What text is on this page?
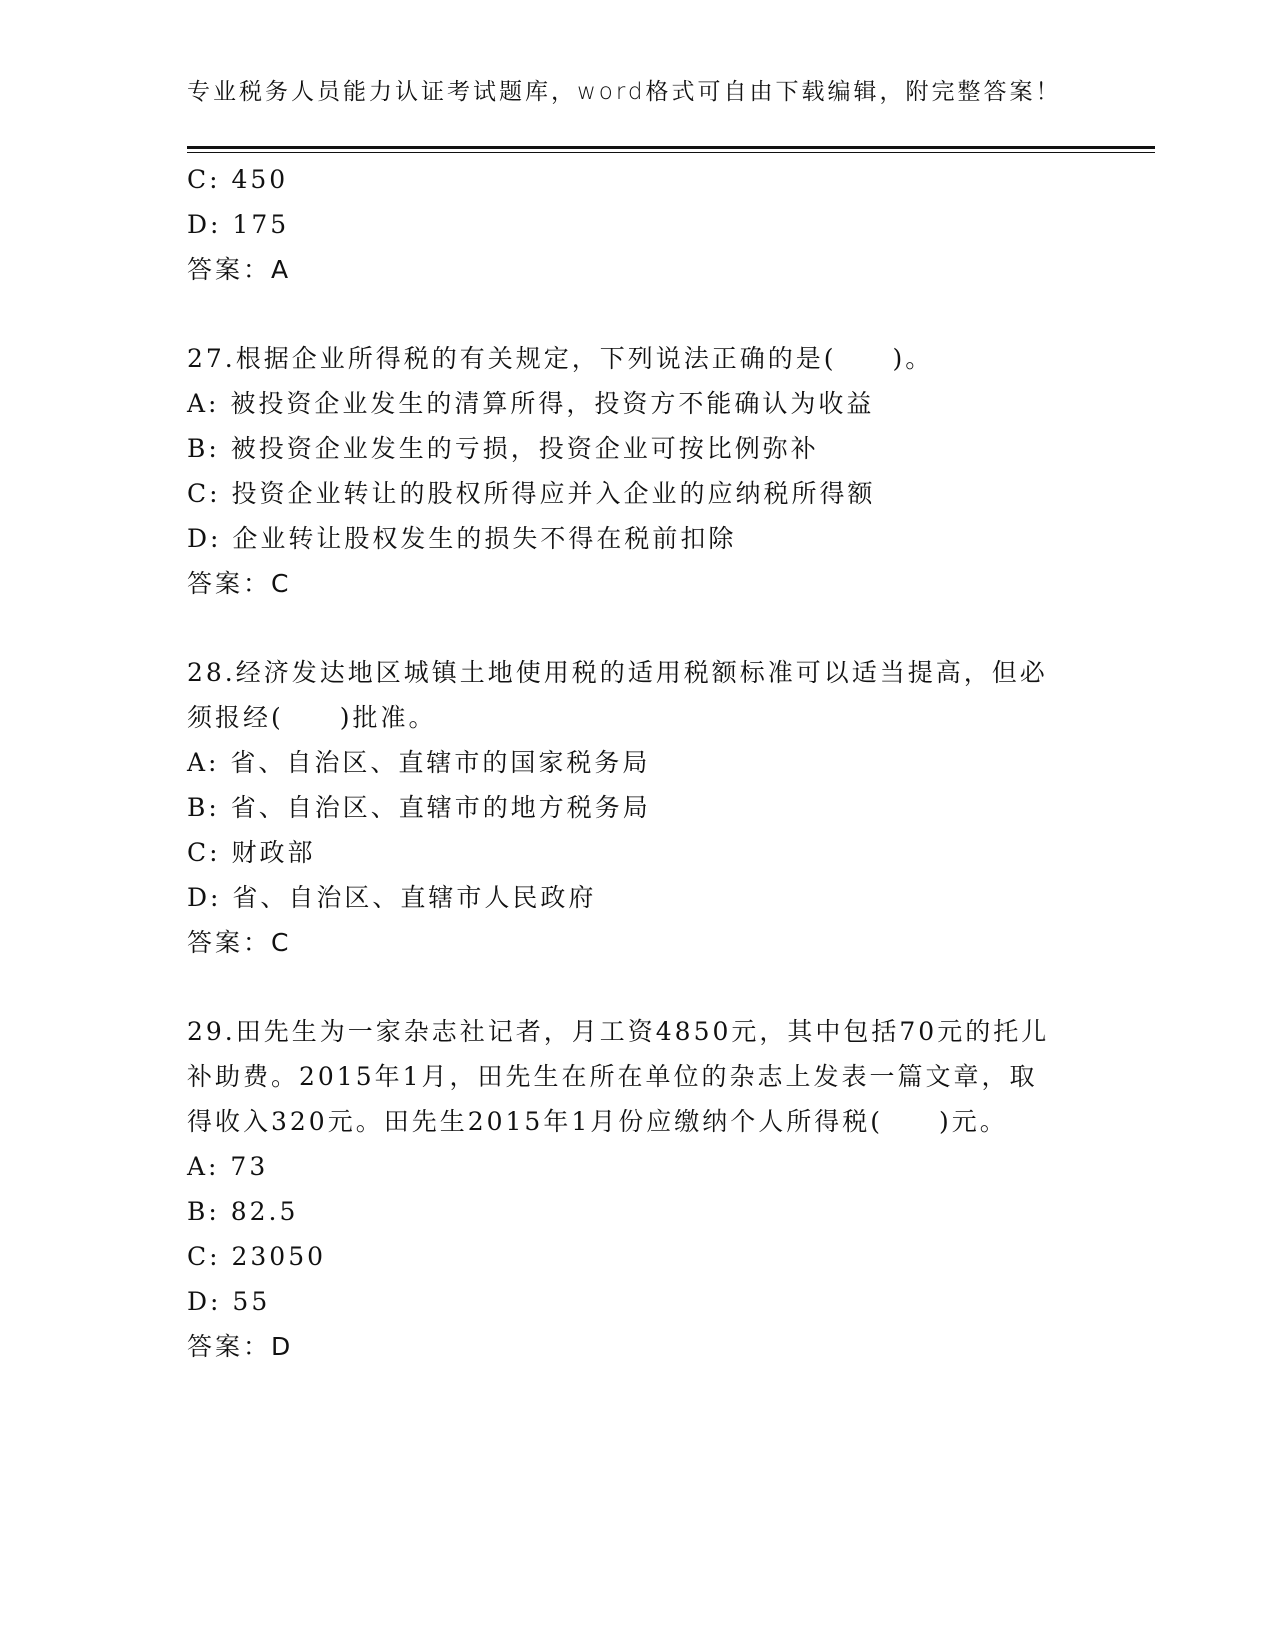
专业税务人员能力认证考试题库，word格式可自由下载编辑，附完整答案！
C: 450
D: 175
答案：A
27.根据企业所得税的有关规定，下列说法正确的是(　　)。
A: 被投资企业发生的清算所得，投资方不能确认为收益
B: 被投资企业发生的亏损，投资企业可按比例弥补
C: 投资企业转让的股权所得应并入企业的应纳税所得额
D: 企业转让股权发生的损失不得在税前扣除
答案：C
28.经济发达地区城镇土地使用税的适用税额标准可以适当提高，但必
须报经(　　)批准。
A: 省、自治区、直辖市的国家税务局
B: 省、自治区、直辖市的地方税务局
C: 财政部
D: 省、自治区、直辖市人民政府
答案：C
29.田先生为一家杂志社记者，月工资4850元，其中包括70元的托儿
补助费。2015年1月，田先生在所在单位的杂志上发表一篇文章，取
得收入320元。田先生2015年1月份应缴纳个人所得税(　　)元。
A: 73
B: 82.5
C: 23050
D: 55
答案：D
